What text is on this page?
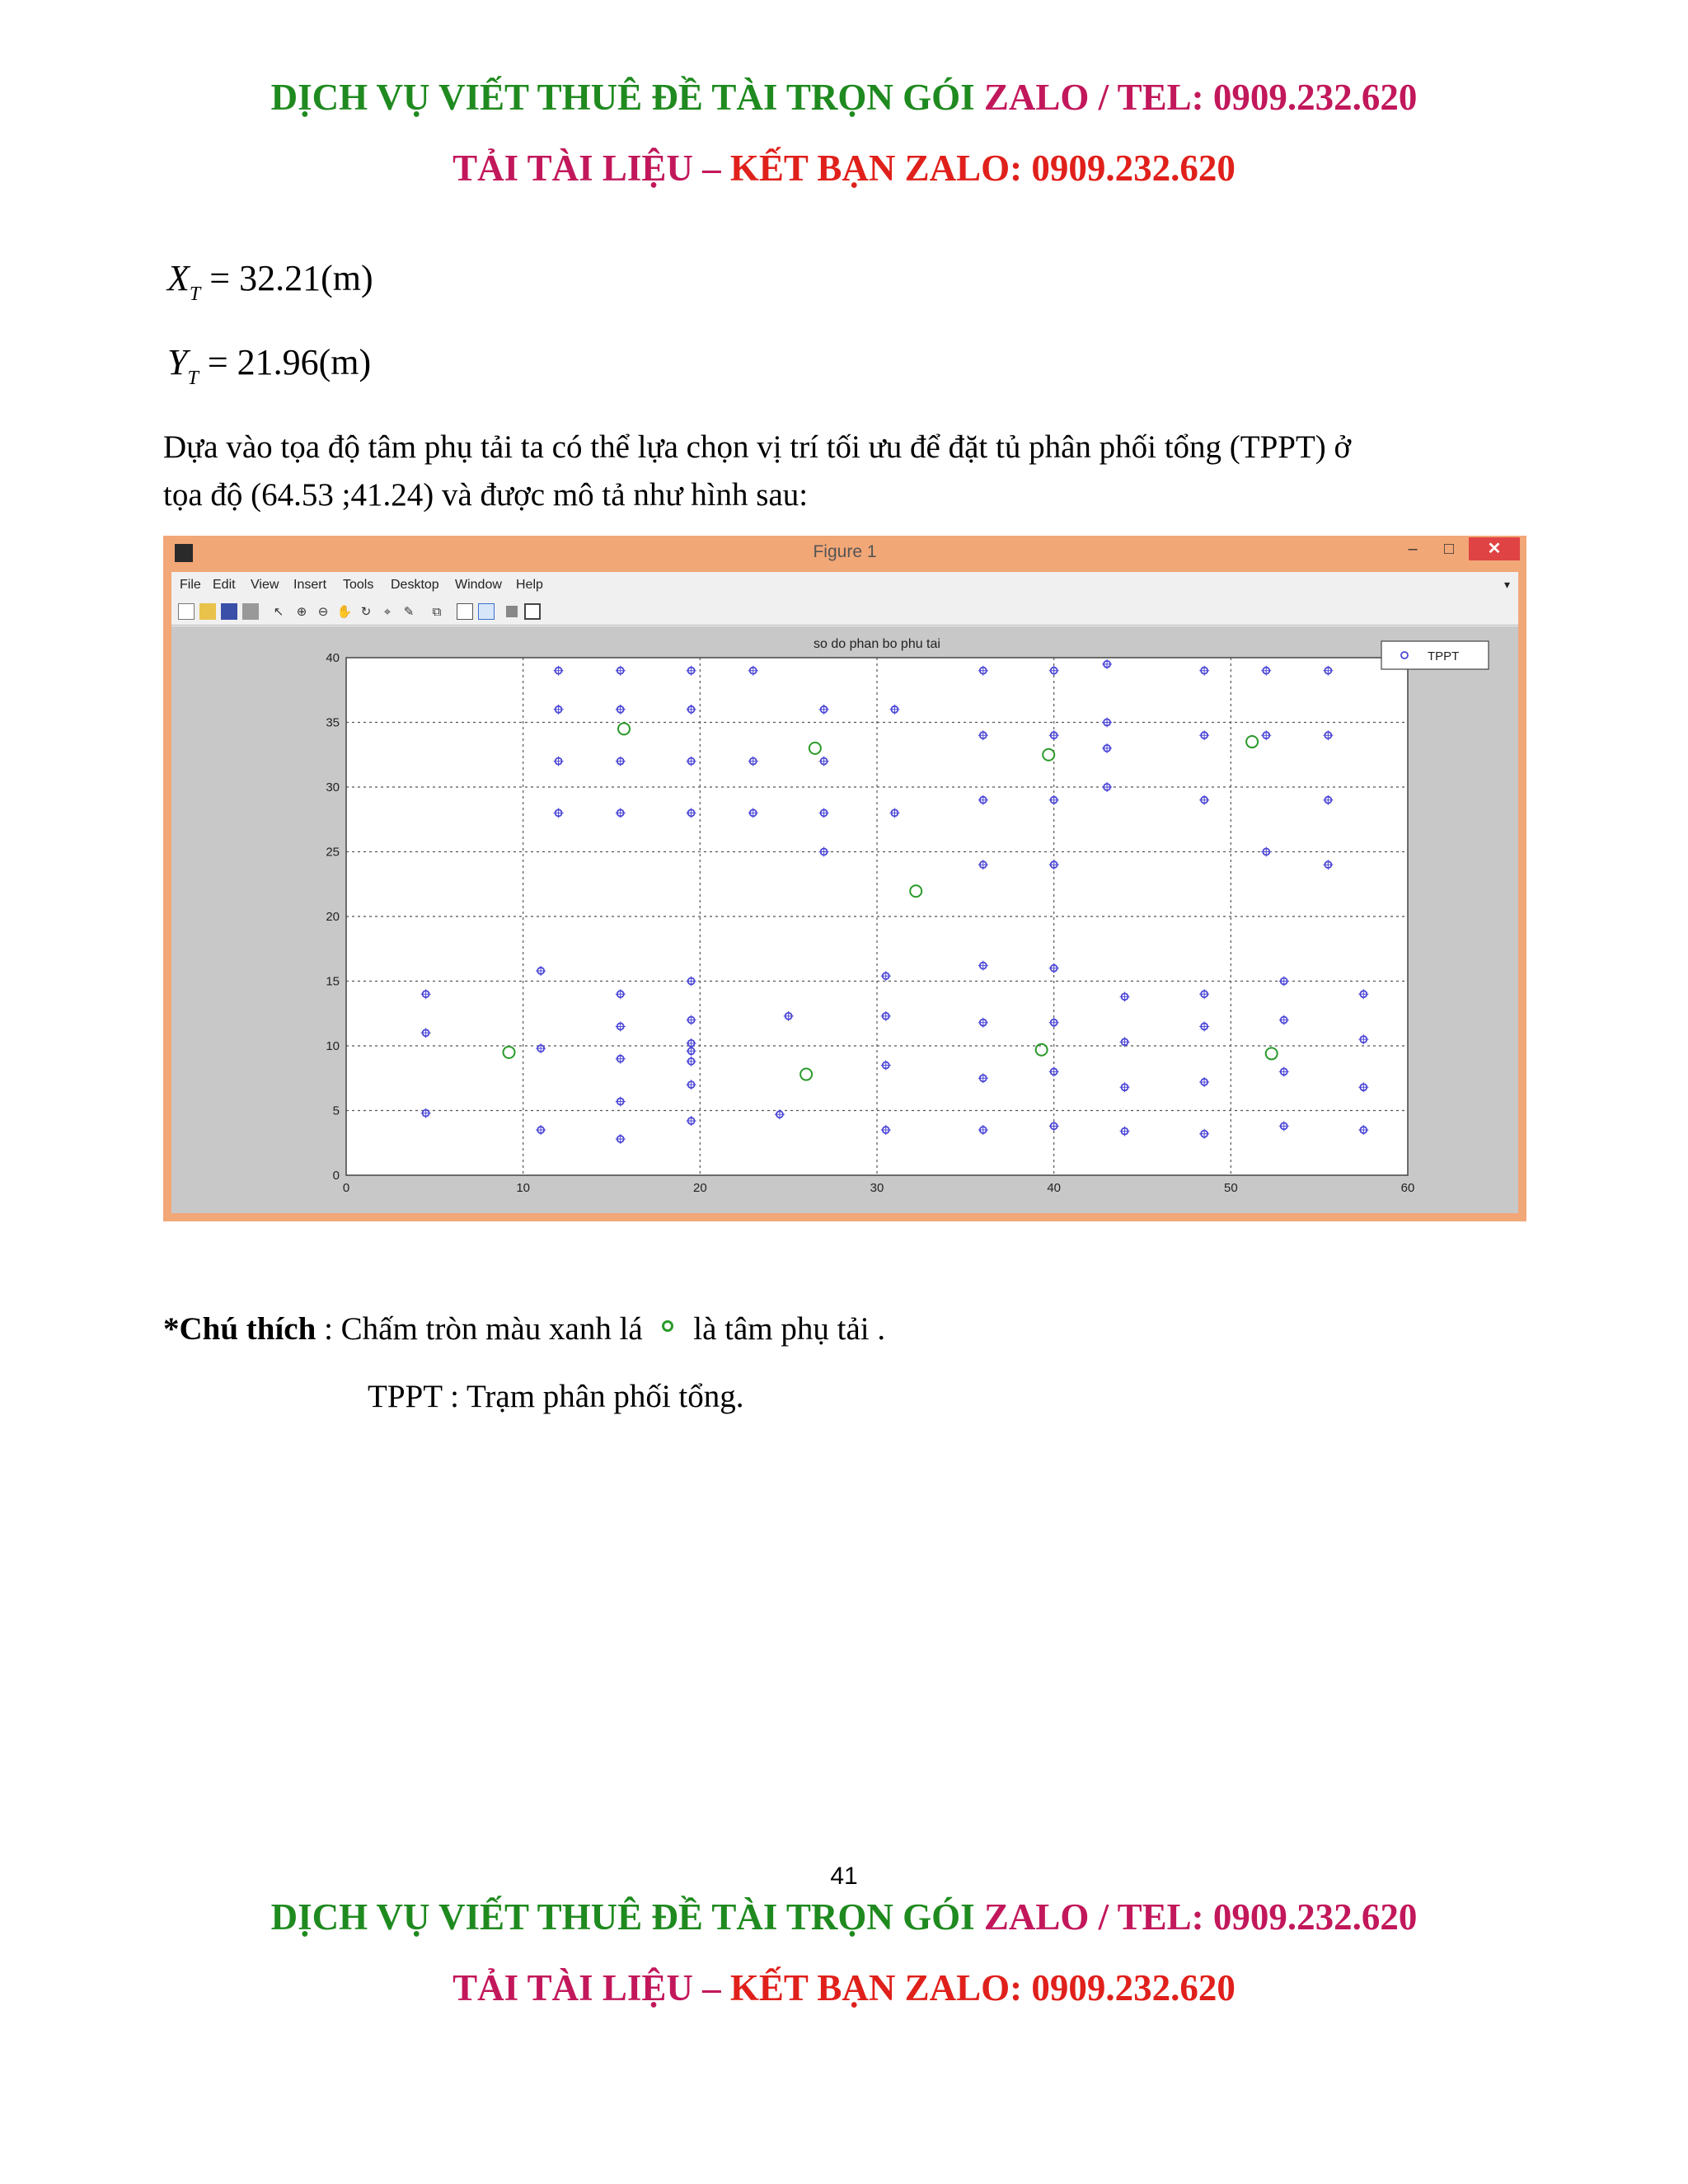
DỊCH VỤ VIẾT THUÊ ĐỀ TÀI TRỌN GÓI ZALO / TEL: 0909.232.620
TẢI TÀI LIỆU – KẾT BẠN ZALO: 0909.232.620
$X_T = 32.21(m)$
$Y_T = 21.96(m)$
Dựa vào tọa độ tâm phụ tải ta có thể lựa chọn vị trí tối ưu để đặt tủ phân phối tổng (TPPT) ở
tọa độ (64.53 ;41.24) và được mô tả như hình sau:
Figure 1	–	□	✕
File Edit View Insert Tools Desktop Window Help	▾
↖ ⊕ ⊖ ✋ ↻	⌖	✎	⧉
so do phan bo phu tai
0	10	20	30	40	50	60
0
5
10
15
20
25
30
35
40	TPPT
*Chú thích : Chấm tròn màu xanh lá  là tâm phụ tải .
TPPT : Trạm phân phối tổng.
41
DỊCH VỤ VIẾT THUÊ ĐỀ TÀI TRỌN GÓI ZALO / TEL: 0909.232.620
TẢI TÀI LIỆU – KẾT BẠN ZALO: 0909.232.620
